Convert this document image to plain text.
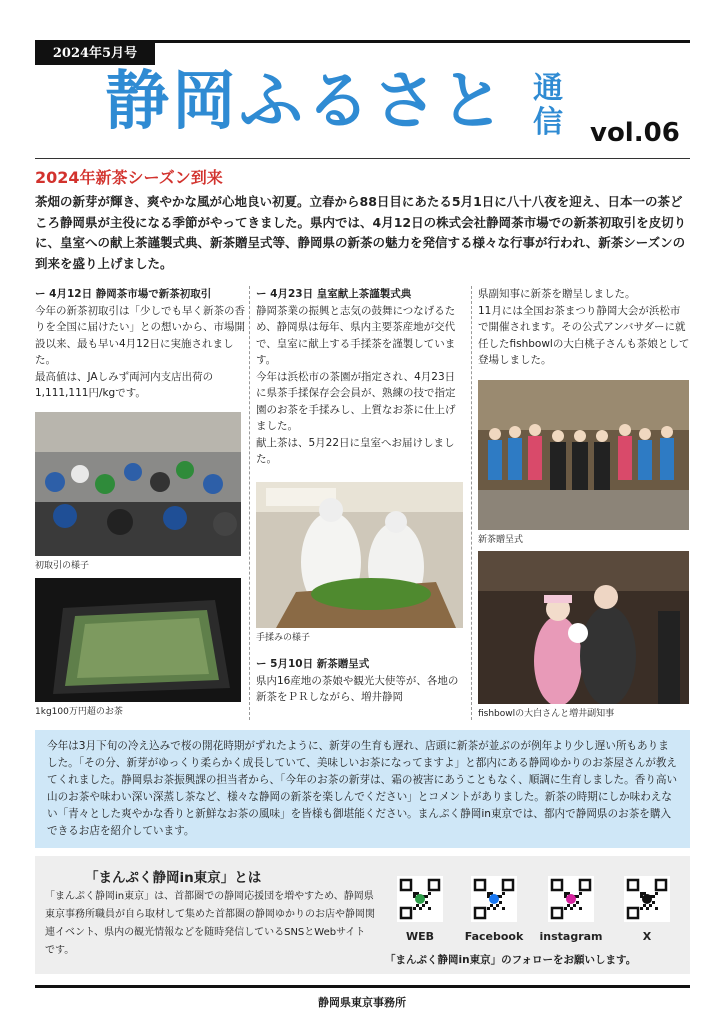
2024年5月号
静岡ふるさと 通信 vol.06
2024年新茶シーズン到来
茶畑の新芽が輝き、爽やかな風が心地良い初夏。立春から88日目にあたる5月1日に八十八夜を迎え、日本一の茶どころ静岡県が主役になる季節がやってきました。県内では、4月12日の株式会社静岡茶市場での新茶初取引を皮切りに、皇室への献上茶謹製式典、新茶贈呈式等、静岡県の新茶の魅力を発信する様々な行事が行われ、新茶シーズンの到来を盛り上げました。
ー 4月12日 静岡茶市場で新茶初取引
今年の新茶初取引は「少しでも早く新茶の香りを全国に届けたい」との想いから、市場開設以来、最も早い4月12日に実施されました。
最高値は、JAしみず両河内支店出荷の1,111,111円/kgです。
初取引の様子
1kg100万円超のお茶
ー 4月23日 皇室献上茶謹製式典
静岡茶業の振興と志気の鼓舞につなげるため、静岡県は毎年、県内主要茶産地が交代で、皇室に献上する手揉茶を謹製しています。
今年は浜松市の茶園が指定され、4月23日に県茶手揉保存会会員が、熟練の技で指定園のお茶を手揉みし、上質なお茶に仕上げました。
献上茶は、5月22日に皇室へお届けしました。
手揉みの様子
ー 5月10日 新茶贈呈式
県内16産地の茶娘や観光大使等が、各地の新茶をＰＲしながら、増井静岡
県副知事に新茶を贈呈しました。
11月には全国お茶まつり静岡大会が浜松市で開催されます。その公式アンバサダーに就任したfishbowlの大白桃子さんも茶娘として登場しました。
新茶贈呈式
fishbowlの大白さんと増井副知事
今年は3月下旬の冷え込みで桜の開花時期がずれたように、新芽の生育も遅れ、店頭に新茶が並ぶのが例年より少し遅い所もありました。「その分、新芽がゆっくり柔らかく成長していて、美味しいお茶になってますよ」と都内にある静岡ゆかりのお茶屋さんが教えてくれました。静岡県お茶振興課の担当者から、「今年のお茶の新芽は、霜の被害にあうこともなく、順調に生育しました。香り高い山のお茶や味わい深い深蒸し茶など、様々な静岡の新茶を楽しんでください」とコメントがありました。新茶の時期にしか味わえない「青々とした爽やかな香りと新鮮なお茶の風味」を皆様も御堪能ください。まんぷく静岡in東京では、都内で静岡県のお茶を購入できるお店を紹介しています。
「まんぷく静岡in東京」とは
「まんぷく静岡in東京」は、首都圏での静岡応援団を増やすため、静岡県東京事務所職員が自ら取材して集めた首都圏の静岡ゆかりのお店や静岡関連イベント、県内の観光情報などを随時発信しているSNSとWebサイトです。
WEB	Facebook	instagram	X
「まんぷく静岡in東京」のフォローをお願いします。
静岡県東京事務所
